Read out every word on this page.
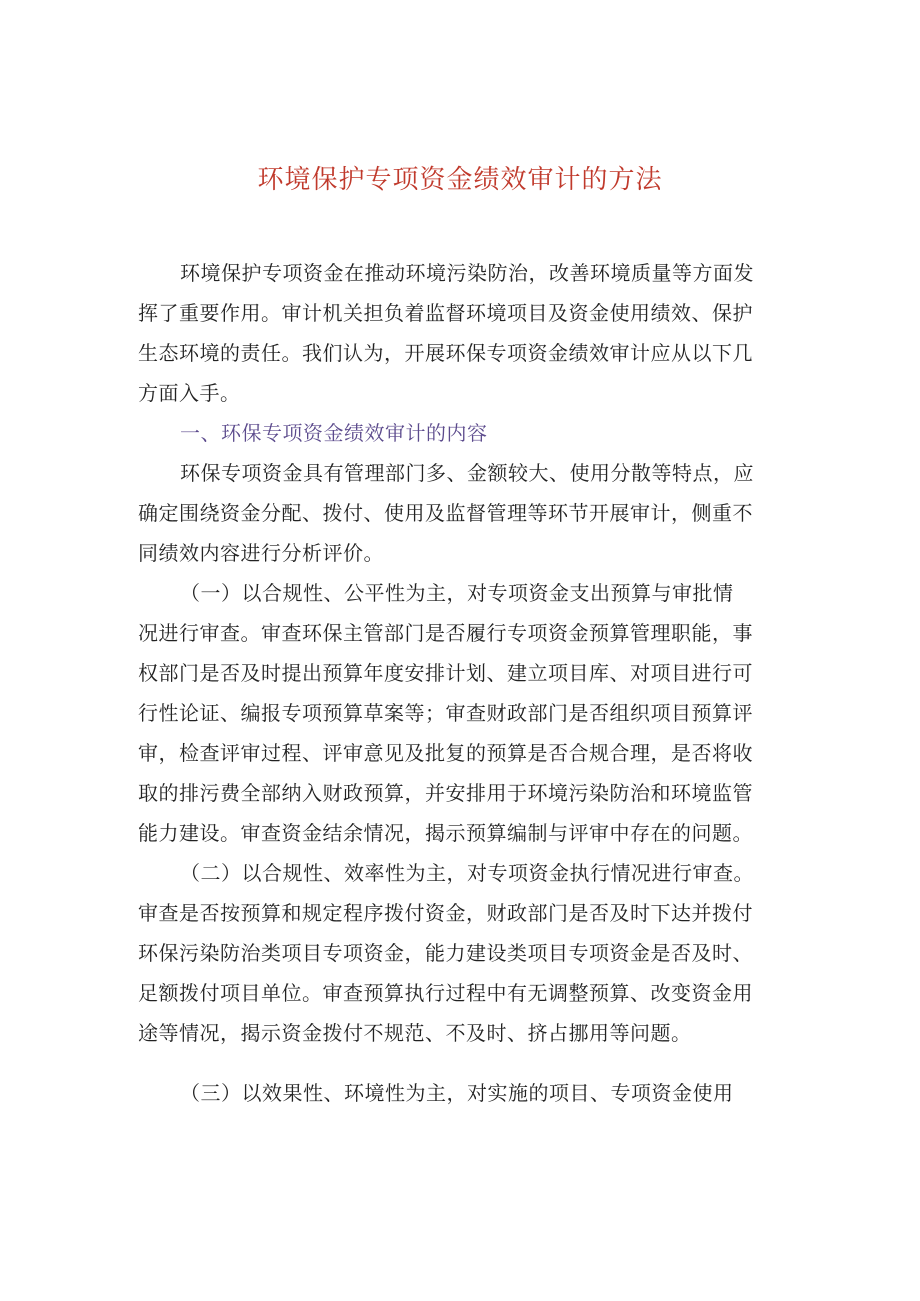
环境保护专项资金绩效审计的方法
环境保护专项资金在推动环境污染防治，改善环境质量等方面发
挥了重要作用。审计机关担负着监督环境项目及资金使用绩效、保护
生态环境的责任。我们认为，开展环保专项资金绩效审计应从以下几
方面入手。
一、环保专项资金绩效审计的内容
环保专项资金具有管理部门多、金额较大、使用分散等特点，应
确定围绕资金分配、拨付、使用及监督管理等环节开展审计，侧重不
同绩效内容进行分析评价。
（一）以合规性、公平性为主，对专项资金支出预算与审批情
况进行审查。审查环保主管部门是否履行专项资金预算管理职能，事
权部门是否及时提出预算年度安排计划、建立项目库、对项目进行可
行性论证、编报专项预算草案等；审查财政部门是否组织项目预算评
审，检查评审过程、评审意见及批复的预算是否合规合理，是否将收
取的排污费全部纳入财政预算，并安排用于环境污染防治和环境监管
能力建设。审查资金结余情况，揭示预算编制与评审中存在的问题。
（二）以合规性、效率性为主，对专项资金执行情况进行审查。
审查是否按预算和规定程序拨付资金，财政部门是否及时下达并拨付
环保污染防治类项目专项资金，能力建设类项目专项资金是否及时、
足额拨付项目单位。审查预算执行过程中有无调整预算、改变资金用
途等情况，揭示资金拨付不规范、不及时、挤占挪用等问题。
（三）以效果性、环境性为主，对实施的项目、专项资金使用
